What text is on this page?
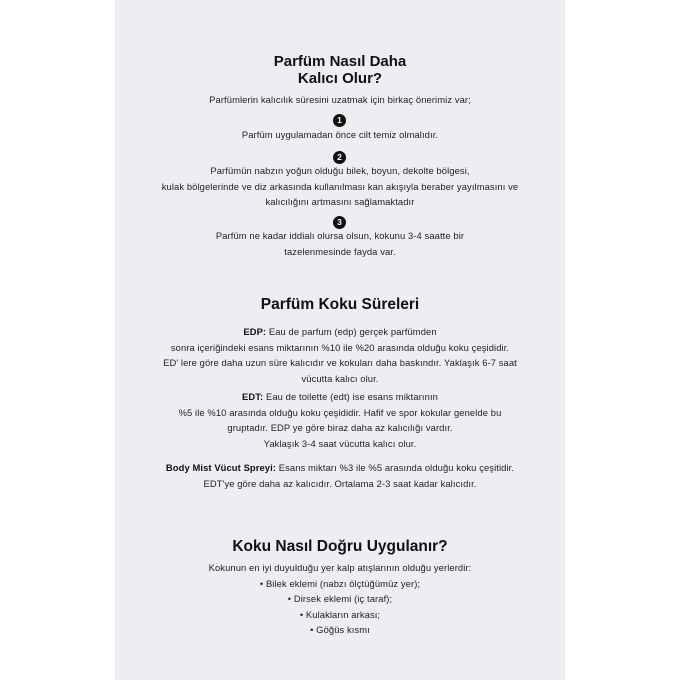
Parfüm Nasıl Daha
Kalıcı Olur?
Parfümlerin kalıcılık süresini uzatmak için birkaç önerimiz var;
1
Parfüm uygulamadan önce cilt temiz olmalıdır.
2
Parfümün nabzın yoğun olduğu bilek, boyun, dekolte bölgesi,
kulak bölgelerinde ve diz arkasında kullanılması kan akışıyla beraber yayılmasını ve
kalıcılığını artmasını sağlamaktadır
3
Parfüm ne kadar iddialı olursa olsun, kokunu 3-4 saatte bir
tazelenmesinde fayda var.
Parfüm Koku Süreleri
EDP: Eau de parfum (edp) gerçek parfümden
sonra içeriğindeki esans miktarının %10 ile %20 arasında olduğu koku çeşididir.
ED' lere göre daha uzun süre kalıcıdır ve kokuları daha baskındır. Yaklaşık 6-7 saat
vücutta kalıcı olur.
EDT: Eau de toilette (edt) ise esans miktarının
%5 ile %10 arasında olduğu koku çeşididir. Hafif ve spor kokular genelde bu
gruptadır. EDP ye göre biraz daha az kalıcılığı vardır.
Yaklaşık 3-4 saat vücutta kalıcı olur.
Body Mist Vücut Spreyi: Esans miktarı %3 ile %5 arasında olduğu koku çeşitidir.
EDT'ye göre daha az kalıcıdır. Ortalama 2-3 saat kadar kalıcıdır.
Koku Nasıl Doğru Uygulanır?
Kokunun en iyi duyulduğu yer kalp atışlarının olduğu yerlerdir:
• Bilek eklemi (nabzı ölçtüğümüz yer);
• Dirsek eklemi (iç taraf);
• Kulakların arkası;
• Göğüs kısmı
